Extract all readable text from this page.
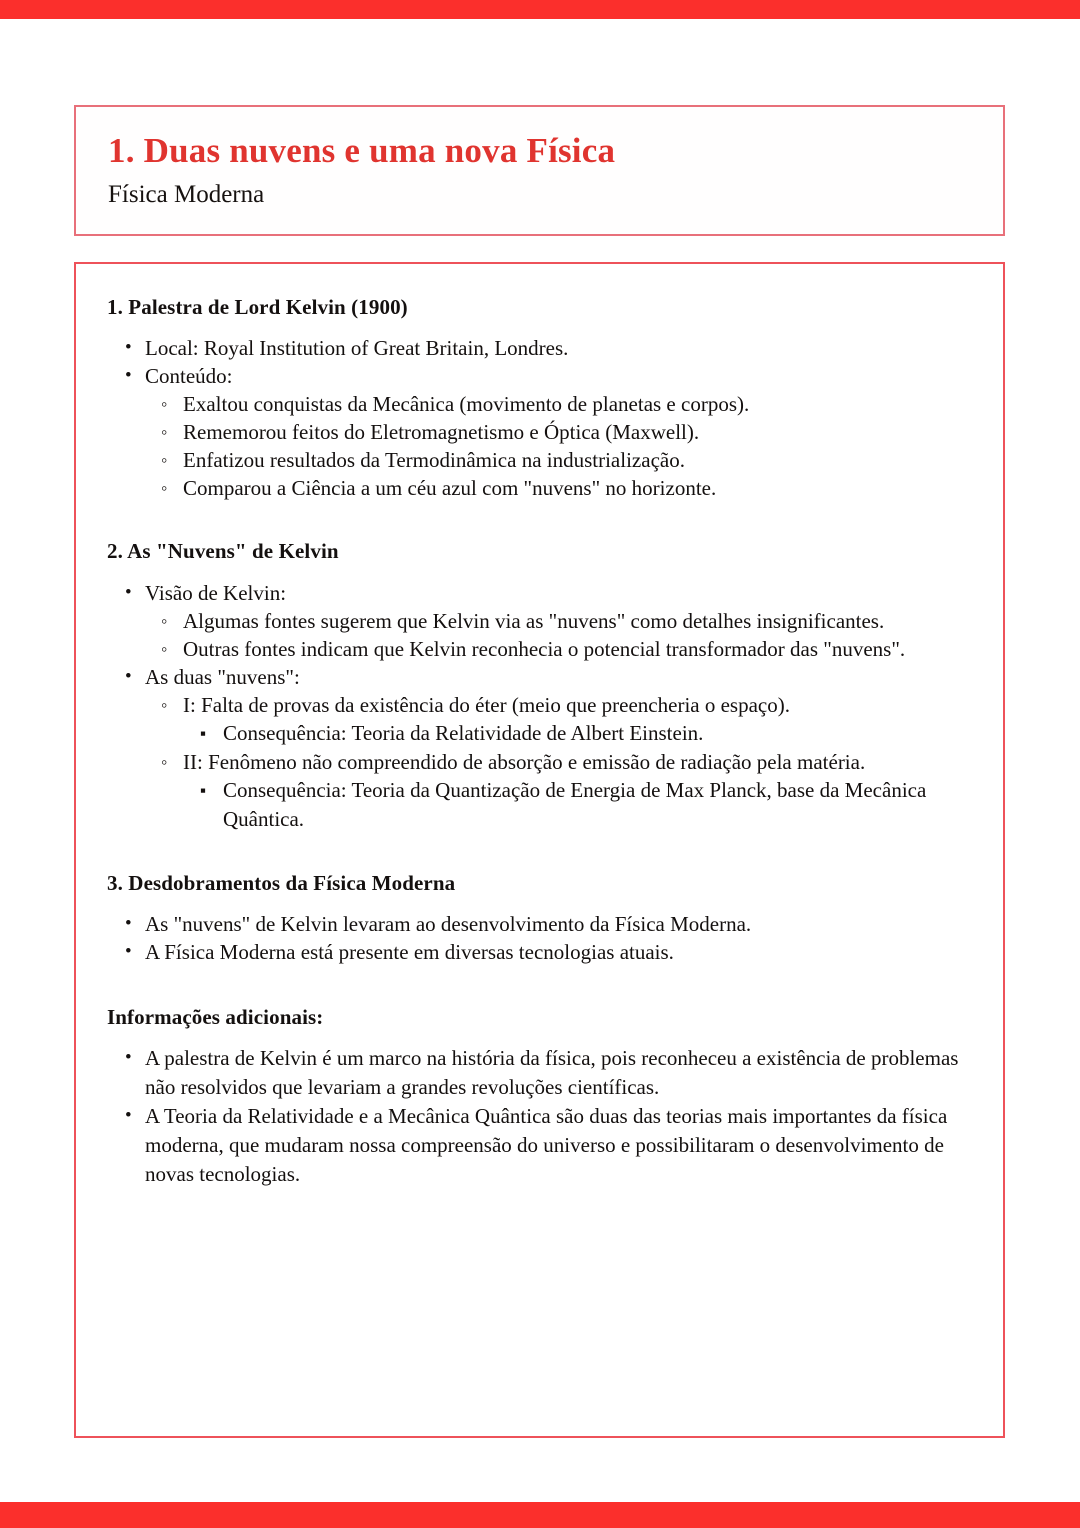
1. Duas nuvens e uma nova Física
Física Moderna
1. Palestra de Lord Kelvin (1900)
• Local: Royal Institution of Great Britain, Londres.
• Conteúdo:
◦ Exaltou conquistas da Mecânica (movimento de planetas e corpos).
◦ Rememorou feitos do Eletromagnetismo e Óptica (Maxwell).
◦ Enfatizou resultados da Termodinâmica na industrialização.
◦ Comparou a Ciência a um céu azul com "nuvens" no horizonte.
2. As "Nuvens" de Kelvin
• Visão de Kelvin:
◦ Algumas fontes sugerem que Kelvin via as "nuvens" como detalhes insignificantes.
◦ Outras fontes indicam que Kelvin reconhecia o potencial transformador das "nuvens".
• As duas "nuvens":
◦ I: Falta de provas da existência do éter (meio que preencheria o espaço).
▪ Consequência: Teoria da Relatividade de Albert Einstein.
◦ II: Fenômeno não compreendido de absorção e emissão de radiação pela matéria.
▪ Consequência: Teoria da Quantização de Energia de Max Planck, base da Mecânica Quântica.
3. Desdobramentos da Física Moderna
• As "nuvens" de Kelvin levaram ao desenvolvimento da Física Moderna.
• A Física Moderna está presente em diversas tecnologias atuais.
Informações adicionais:
• A palestra de Kelvin é um marco na história da física, pois reconheceu a existência de problemas não resolvidos que levariam a grandes revoluções científicas.
• A Teoria da Relatividade e a Mecânica Quântica são duas das teorias mais importantes da física moderna, que mudaram nossa compreensão do universo e possibilitaram o desenvolvimento de novas tecnologias.
